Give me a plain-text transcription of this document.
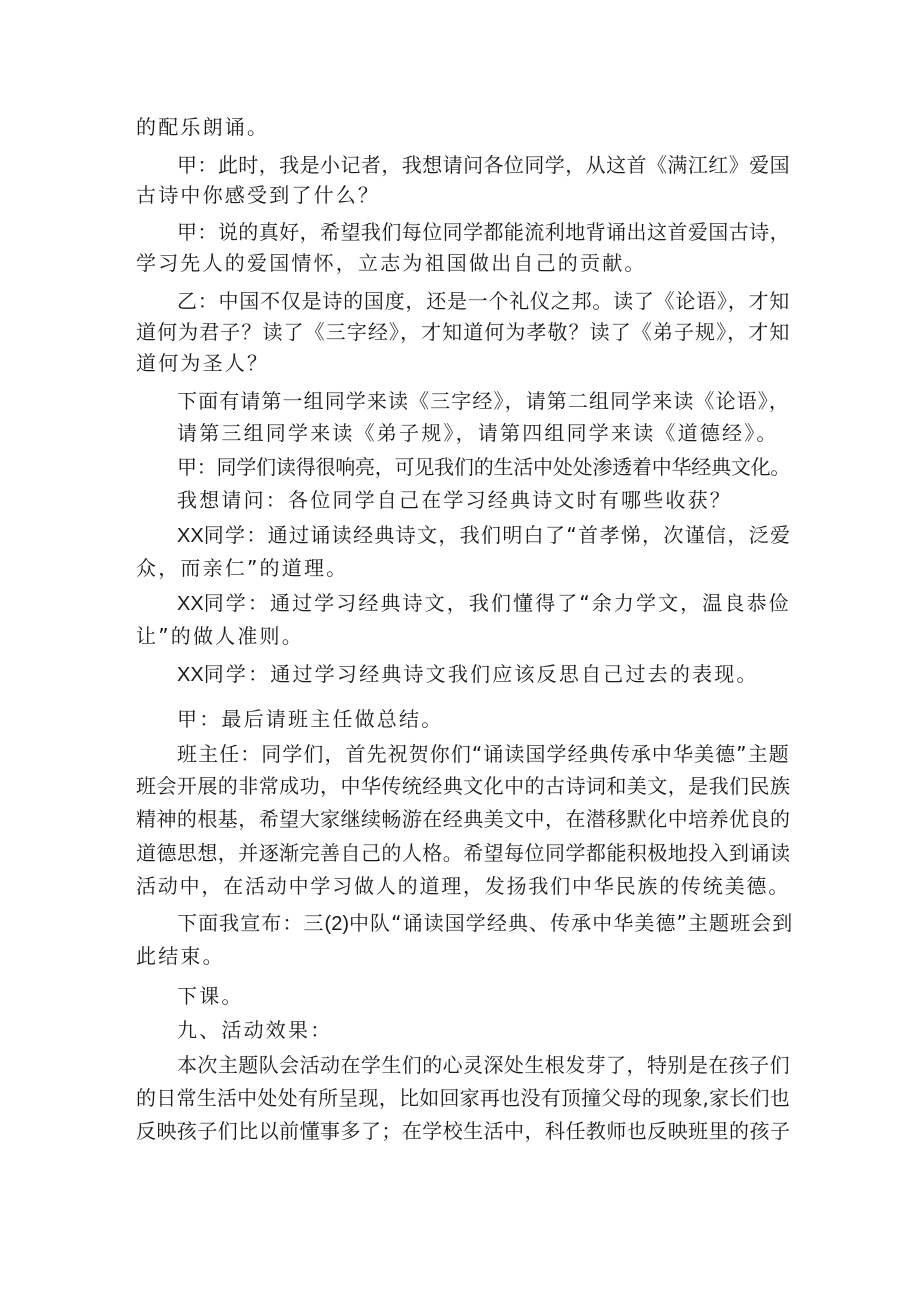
的配乐朗诵。
甲：此时，我是小记者，我想请问各位同学，从这首《满江红》爱国
古诗中你感受到了什么？
甲：说的真好，希望我们每位同学都能流利地背诵出这首爱国古诗，
学习先人的爱国情怀，立志为祖国做出自己的贡献。
乙：中国不仅是诗的国度，还是一个礼仪之邦。读了《论语》，才知
道何为君子？读了《三字经》，才知道何为孝敬？读了《弟子规》，才知
道何为圣人？
下面有请第一组同学来读《三字经》，请第二组同学来读《论语》，
请第三组同学来读《弟子规》，请第四组同学来读《道德经》。
甲：同学们读得很响亮，可见我们的生活中处处渗透着中华经典文化。
我想请问：各位同学自己在学习经典诗文时有哪些收获？
XX同学：通过诵读经典诗文，我们明白了“首孝悌，次谨信，泛爱
众，而亲仁”的道理。
XX同学：通过学习经典诗文，我们懂得了“余力学文，温良恭俭
让”的做人准则。
XX同学：通过学习经典诗文我们应该反思自己过去的表现。
甲：最后请班主任做总结。
班主任：同学们，首先祝贺你们“诵读国学经典传承中华美德”主题
班会开展的非常成功，中华传统经典文化中的古诗词和美文，是我们民族
精神的根基，希望大家继续畅游在经典美文中，在潜移默化中培养优良的
道德思想，并逐渐完善自己的人格。希望每位同学都能积极地投入到诵读
活动中，在活动中学习做人的道理，发扬我们中华民族的传统美德。
下面我宣布：三(2)中队“诵读国学经典、传承中华美德”主题班会到
此结束。
下课。
九、活动效果：
本次主题队会活动在学生们的心灵深处生根发芽了，特别是在孩子们
的日常生活中处处有所呈现，比如回家再也没有顶撞父母的现象,家长们也
反映孩子们比以前懂事多了；在学校生活中，科任教师也反映班里的孩子
